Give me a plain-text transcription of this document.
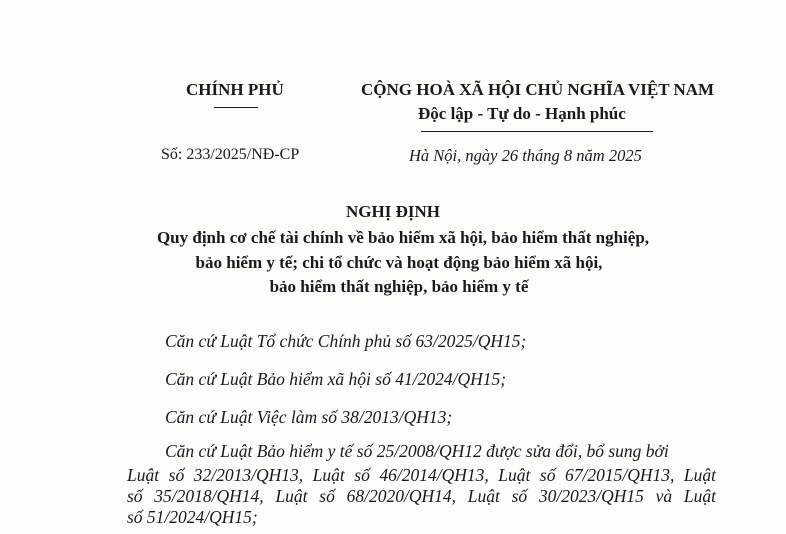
CHÍNH PHỦ	CỘNG HOÀ XÃ HỘI CHỦ NGHĨA VIỆT NAM
Độc lập - Tự do - Hạnh phúc
Số: 233/2025/NĐ-CP	Hà Nội, ngày 26 tháng 8 năm 2025
NGHỊ ĐỊNH
Quy định cơ chế tài chính về bảo hiểm xã hội, bảo hiểm thất nghiệp,
bảo hiểm y tế; chi tổ chức và hoạt động bảo hiểm xã hội,
bảo hiểm thất nghiệp, bảo hiểm y tế
Căn cứ Luật Tổ chức Chính phủ số 63/2025/QH15;
Căn cứ Luật Bảo hiểm xã hội số 41/2024/QH15;
Căn cứ Luật Việc làm số 38/2013/QH13;
Căn cứ Luật Bảo hiểm y tế số 25/2008/QH12 được sửa đổi, bổ sung bởi
Luật số 32/2013/QH13, Luật số 46/2014/QH13, Luật số 67/2015/QH13, Luật
số 35/2018/QH14, Luật số 68/2020/QH14, Luật số 30/2023/QH15 và Luật
số 51/2024/QH15;
